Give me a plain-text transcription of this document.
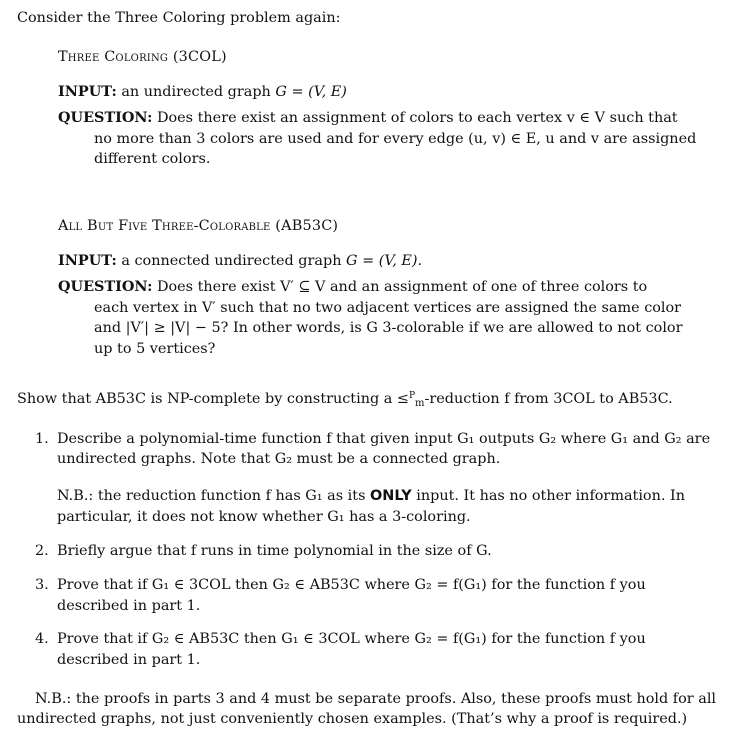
Consider the Three Coloring problem again:
Three Coloring (3COL)
INPUT: an undirected graph G = (V, E)
QUESTION: Does there exist an assignment of colors to each vertex v ∈ V such that
no more than 3 colors are used and for every edge (u, v) ∈ E, u and v are assigned
different colors.
All But Five Three-Colorable (AB53C)
INPUT: a connected undirected graph G = (V, E).
QUESTION: Does there exist V′ ⊆ V and an assignment of one of three colors to
each vertex in V′ such that no two adjacent vertices are assigned the same color
and |V′| ≥ |V| − 5? In other words, is G 3-colorable if we are allowed to not color
up to 5 vertices?
Show that AB53C is NP-complete by constructing a ≤$^P_m$-reduction f from 3COL to AB53C.
1. Describe a polynomial-time function f that given input G₁ outputs G₂ where G₁ and G₂ are
undirected graphs. Note that G₂ must be a connected graph.
N.B.: the reduction function f has G₁ as its ONLY input. It has no other information. In
particular, it does not know whether G₁ has a 3-coloring.
2. Briefly argue that f runs in time polynomial in the size of G.
3. Prove that if G₁ ∈ 3COL then G₂ ∈ AB53C where G₂ = f(G₁) for the function f you
described in part 1.
4. Prove that if G₂ ∈ AB53C then G₁ ∈ 3COL where G₂ = f(G₁) for the function f you
described in part 1.
N.B.: the proofs in parts 3 and 4 must be separate proofs. Also, these proofs must hold for all
undirected graphs, not just conveniently chosen examples. (That’s why a proof is required.)
